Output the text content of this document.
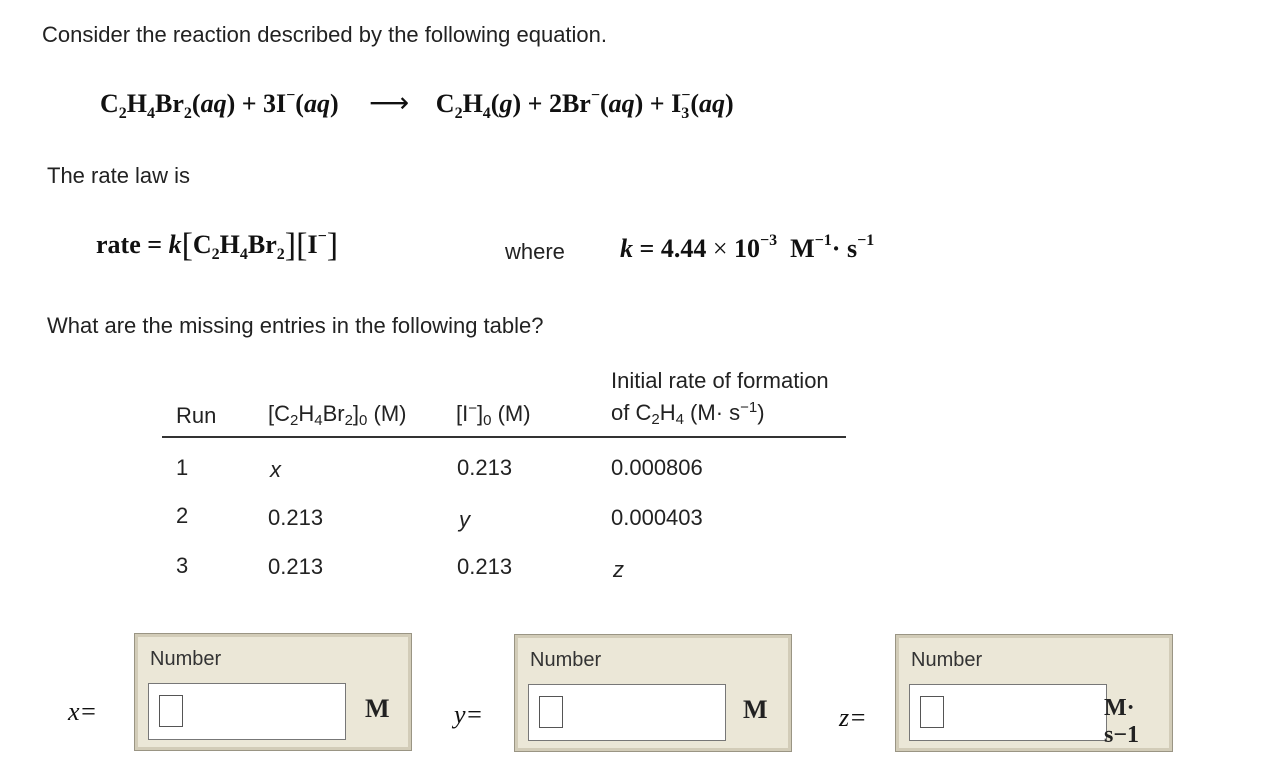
Consider the reaction described by the following equation.
$C_2H_4Br_2(aq) + 3I^-(aq)$ ⟶ $C_2H_4(g) + 2Br^-(aq) + I_3^-(aq)$
The rate law is
rate = $k[C_2H_4Br_2][I^-]$	where $k = 4.44 \times 10^{-3}$  $M^{-1}\cdot s^{-1}$
What are the missing entries in the following table?
Run $[C_2H_4Br_2]_0$ (M) $[I^-]_0$ (M)
Initial rate of formation
of $C_2H_4$ $(M\cdot s^{-1})$
1	x	0.213	0.000806
2	0.213	y	0.000403
3	0.213	0.213	z
x=
Number
M y=
Number
M	z=
Number
M· s−1
